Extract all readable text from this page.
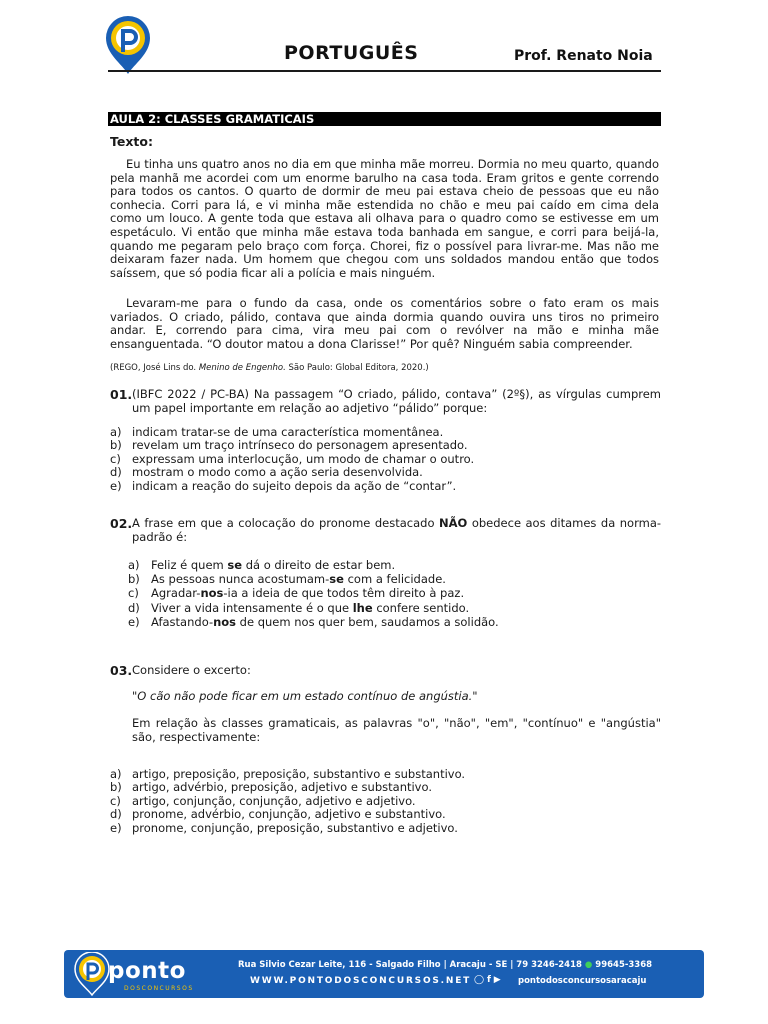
PORTUGUÊS	Prof. Renato Noia
AULA 2: CLASSES GRAMATICAIS
Texto:

Eu tinha uns quatro anos no dia em que minha mãe morreu. Dormia no meu quarto, quando pela manhã me acordei com um enorme barulho na casa toda. Eram gritos e gente correndo para todos os cantos. O quarto de dormir de meu pai estava cheio de pessoas que eu não conhecia. Corri para lá, e vi minha mãe estendida no chão e meu pai caído em cima dela como um louco. A gente toda que estava ali olhava para o quadro como se estivesse em um espetáculo. Vi então que minha mãe estava toda banhada em sangue, e corri para beijá-la, quando me pegaram pelo braço com força. Chorei, fiz o possível para livrar-me. Mas não me deixaram fazer nada. Um homem que chegou com uns soldados mandou então que todos saíssem, que só podia ficar ali a polícia e mais ninguém.

Levaram-me para o fundo da casa, onde os comentários sobre o fato eram os mais variados. O criado, pálido, contava que ainda dormia quando ouvira uns tiros no primeiro andar. E, correndo para cima, vira meu pai com o revólver na mão e minha mãe ensanguentada. “O doutor matou a dona Clarisse!” Por quê? Ninguém sabia compreender.

(REGO, José Lins do. Menino de Engenho. São Paulo: Global Editora, 2020.)
01. (IBFC 2022 / PC-BA) Na passagem “O criado, pálido, contava” (2º§), as vírgulas cumprem um papel importante em relação ao adjetivo “pálido” porque:
a) indicam tratar-se de uma característica momentânea.
b) revelam um traço intrínseco do personagem apresentado.
c) expressam uma interlocução, um modo de chamar o outro.
d) mostram o modo como a ação seria desenvolvida.
e) indicam a reação do sujeito depois da ação de “contar”.
02. A frase em que a colocação do pronome destacado NÃO obedece aos ditames da norma-padrão é:
a) Feliz é quem se dá o direito de estar bem.
b) As pessoas nunca acostumam-se com a felicidade.
c) Agradar-nos-ia a ideia de que todos têm direito à paz.
d) Viver a vida intensamente é o que lhe confere sentido.
e) Afastando-nos de quem nos quer bem, saudamos a solidão.
03. Considere o excerto:
"O cão não pode ficar em um estado contínuo de angústia."
Em relação às classes gramaticais, as palavras "o", "não", "em", "contínuo" e "angústia" são, respectivamente:
a) artigo, preposição, preposição, substantivo e substantivo.
b) artigo, advérbio, preposição, adjetivo e substantivo.
c) artigo, conjunção, conjunção, adjetivo e adjetivo.
d) pronome, advérbio, conjunção, adjetivo e substantivo.
e) pronome, conjunção, preposição, substantivo e adjetivo.
ponto
DOSCONCURSOS
Rua Silvio Cezar Leite, 116 - Salgado Filho | Aracaju - SE | 79 3246-2418 ● 99645-3368
WWW.PONTODOSCONCURSOS.NET ◯ f ▶ pontodosconcursosaracaju
